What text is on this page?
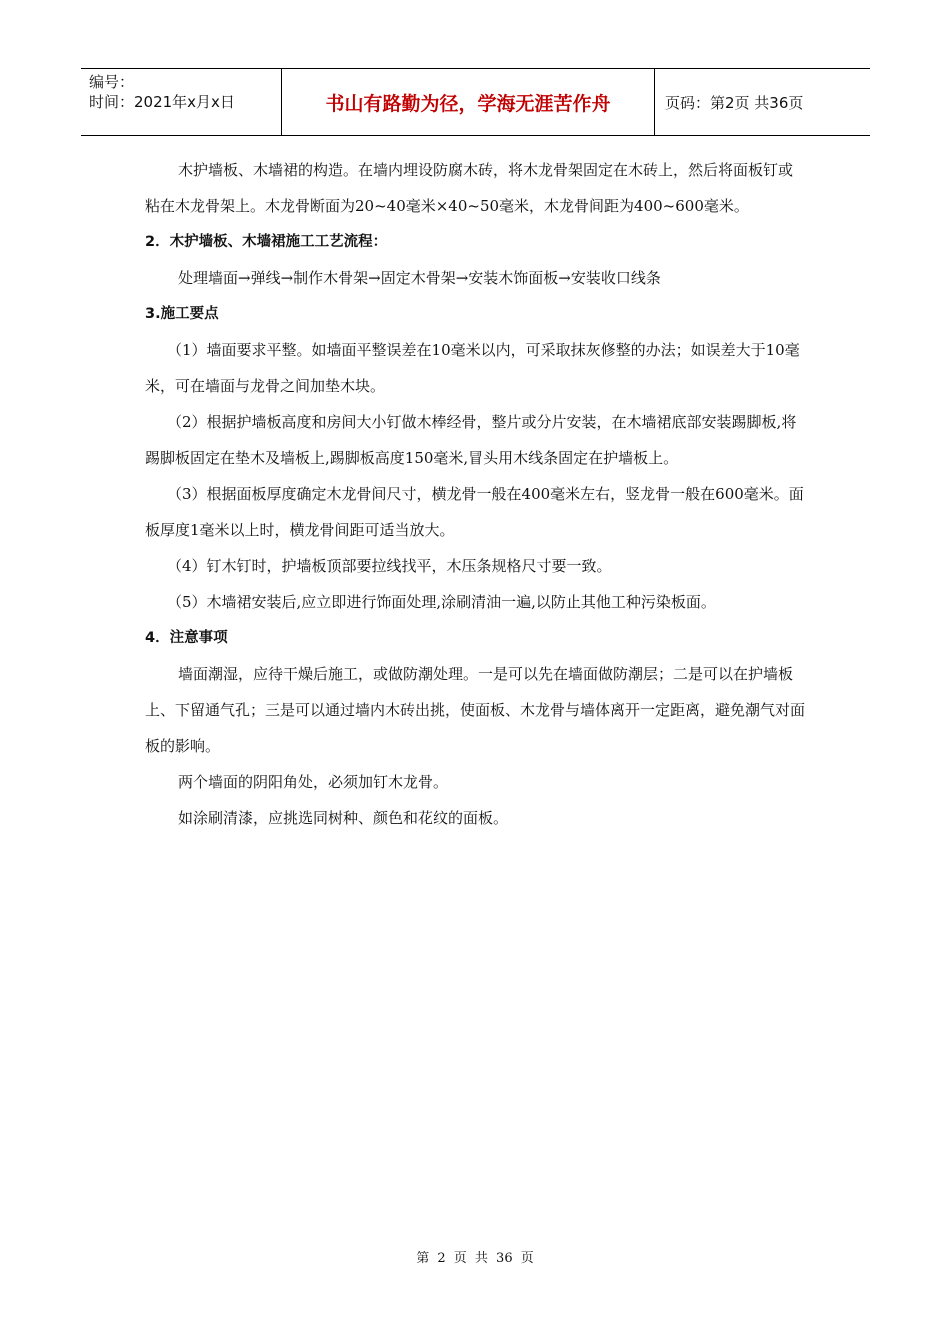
编号：
时间：2021年x月x日	书山有路勤为径，学海无涯苦作舟	页码：第2页 共36页

木护墙板、木墙裙的构造。在墙内埋设防腐木砖，将木龙骨架固定在木砖上，然后将面板钉或粘在木龙骨架上。木龙骨断面为20~40毫米×40~50毫米，木龙骨间距为400~600毫米。

2．木护墙板、木墙裙施工工艺流程：

处理墙面→弹线→制作木骨架→固定木骨架→安装木饰面板→安装收口线条

3.施工要点

（1）墙面要求平整。如墙面平整误差在10毫米以内，可采取抹灰修整的办法；如误差大于10毫米，可在墙面与龙骨之间加垫木块。

（2）根据护墙板高度和房间大小钉做木棒经骨，整片或分片安装，在木墙裙底部安装踢脚板,将踢脚板固定在垫木及墙板上,踢脚板高度150毫米,冒头用木线条固定在护墙板上。

（3）根据面板厚度确定木龙骨间尺寸，横龙骨一般在400毫米左右，竖龙骨一般在600毫米。面板厚度1毫米以上时，横龙骨间距可适当放大。

（4）钉木钉时，护墙板顶部要拉线找平，木压条规格尺寸要一致。

（5）木墙裙安装后,应立即进行饰面处理,涂刷清油一遍,以防止其他工种污染板面。

4．注意事项

墙面潮湿，应待干燥后施工，或做防潮处理。一是可以先在墙面做防潮层；二是可以在护墙板上、下留通气孔；三是可以通过墙内木砖出挑，使面板、木龙骨与墙体离开一定距离，避免潮气对面板的影响。

两个墙面的阴阳角处，必须加钉木龙骨。

如涂刷清漆，应挑选同树种、颜色和花纹的面板。

第 2 页 共 36 页
